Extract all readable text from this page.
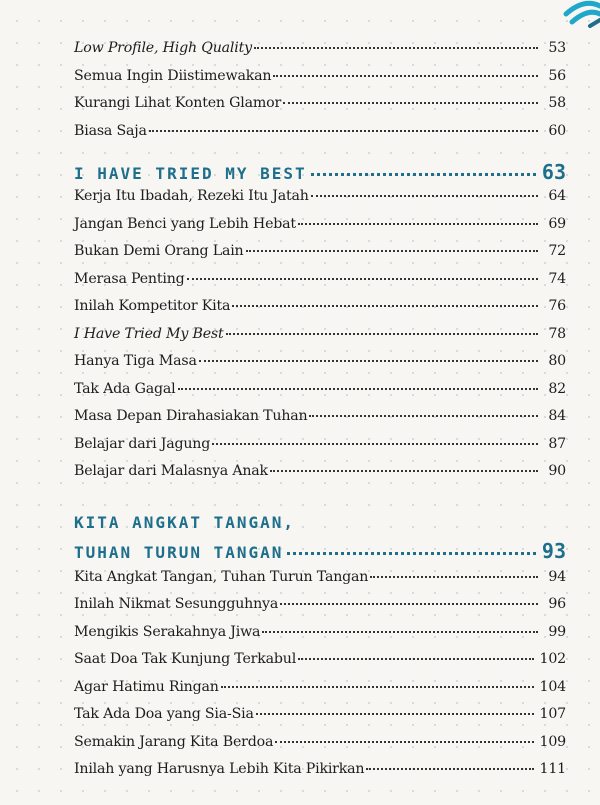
Low Profile, High Quality	53
Semua Ingin Diistimewakan	56
Kurangi Lihat Konten Glamor	58
Biasa Saja	60
I HAVE TRIED MY BEST	63
Kerja Itu Ibadah, Rezeki Itu Jatah	64
Jangan Benci yang Lebih Hebat	69
Bukan Demi Orang Lain	72
Merasa Penting	74
Inilah Kompetitor Kita	76
I Have Tried My Best	78
Hanya Tiga Masa	80
Tak Ada Gagal	82
Masa Depan Dirahasiakan Tuhan	84
Belajar dari Jagung	87
Belajar dari Malasnya Anak	90
KITA ANGKAT TANGAN,
TUHAN TURUN TANGAN	93
Kita Angkat Tangan, Tuhan Turun Tangan	94
Inilah Nikmat Sesungguhnya	96
Mengikis Serakahnya Jiwa	99
Saat Doa Tak Kunjung Terkabul	102
Agar Hatimu Ringan	104
Tak Ada Doa yang Sia-Sia	107
Semakin Jarang Kita Berdoa	109
Inilah yang Harusnya Lebih Kita Pikirkan	111
